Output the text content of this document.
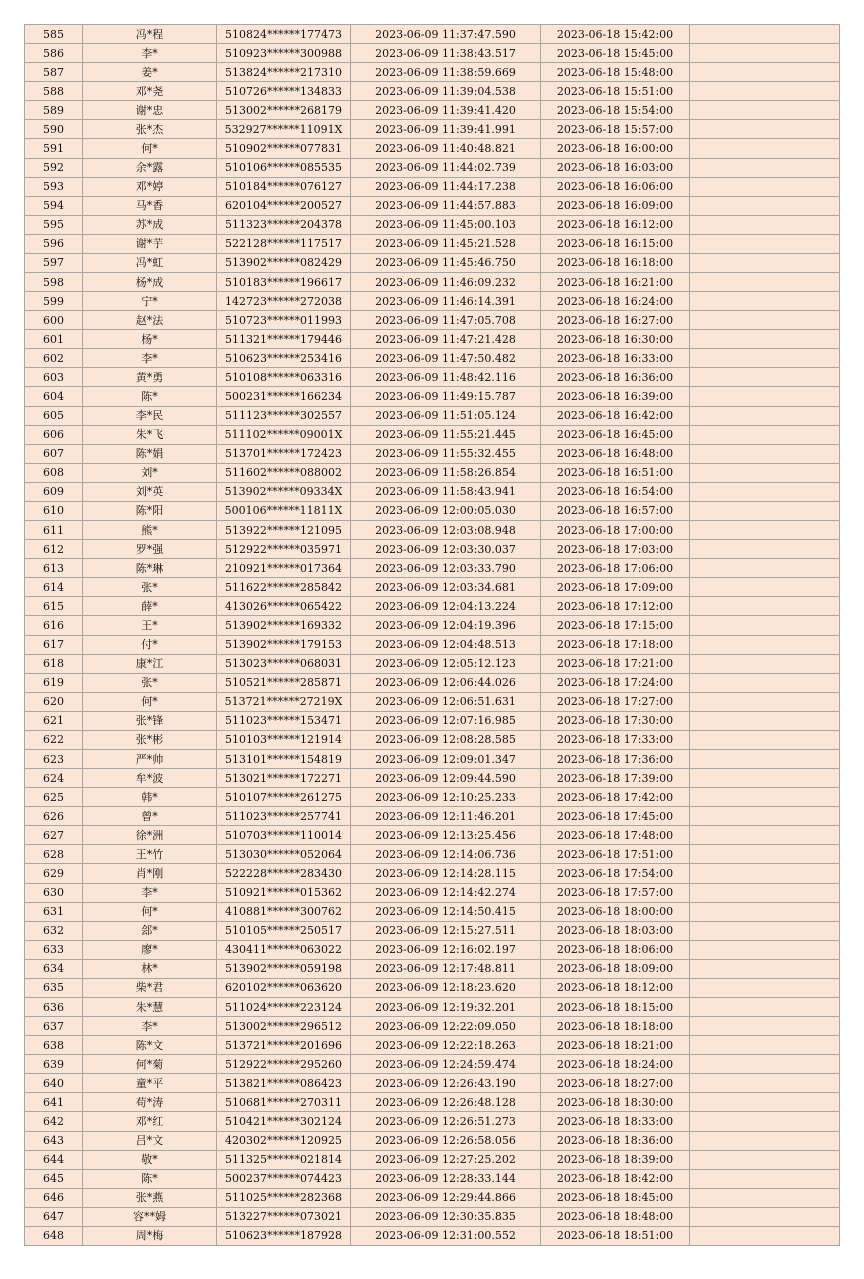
585	冯*程	510824******177473	2023-06-09 11:37:47.590	2023-06-18 15:42:00	
586	李*	510923******300988	2023-06-09 11:38:43.517	2023-06-18 15:45:00	
587	姜*	513824******217310	2023-06-09 11:38:59.669	2023-06-18 15:48:00	
588	邓*尧	510726******134833	2023-06-09 11:39:04.538	2023-06-18 15:51:00	
589	谢*忠	513002******268179	2023-06-09 11:39:41.420	2023-06-18 15:54:00	
590	张*杰	532927******11091X	2023-06-09 11:39:41.991	2023-06-18 15:57:00	
591	何*	510902******077831	2023-06-09 11:40:48.821	2023-06-18 16:00:00	
592	余*露	510106******085535	2023-06-09 11:44:02.739	2023-06-18 16:03:00	
593	邓*婷	510184******076127	2023-06-09 11:44:17.238	2023-06-18 16:06:00	
594	马*香	620104******200527	2023-06-09 11:44:57.883	2023-06-18 16:09:00	
595	苏*成	511323******204378	2023-06-09 11:45:00.103	2023-06-18 16:12:00	
596	谢*芋	522128******117517	2023-06-09 11:45:21.528	2023-06-18 16:15:00	
597	冯*虹	513902******082429	2023-06-09 11:45:46.750	2023-06-18 16:18:00	
598	杨*成	510183******196617	2023-06-09 11:46:09.232	2023-06-18 16:21:00	
599	宁*	142723******272038	2023-06-09 11:46:14.391	2023-06-18 16:24:00	
600	赵*法	510723******011993	2023-06-09 11:47:05.708	2023-06-18 16:27:00	
601	杨*	511321******179446	2023-06-09 11:47:21.428	2023-06-18 16:30:00	
602	李*	510623******253416	2023-06-09 11:47:50.482	2023-06-18 16:33:00	
603	黄*勇	510108******063316	2023-06-09 11:48:42.116	2023-06-18 16:36:00	
604	陈*	500231******166234	2023-06-09 11:49:15.787	2023-06-18 16:39:00	
605	李*民	511123******302557	2023-06-09 11:51:05.124	2023-06-18 16:42:00	
606	朱*飞	511102******09001X	2023-06-09 11:55:21.445	2023-06-18 16:45:00	
607	陈*娟	513701******172423	2023-06-09 11:55:32.455	2023-06-18 16:48:00	
608	刘*	511602******088002	2023-06-09 11:58:26.854	2023-06-18 16:51:00	
609	刘*英	513902******09334X	2023-06-09 11:58:43.941	2023-06-18 16:54:00	
610	陈*阳	500106******11811X	2023-06-09 12:00:05.030	2023-06-18 16:57:00	
611	熊*	513922******121095	2023-06-09 12:03:08.948	2023-06-18 17:00:00	
612	罗*强	512922******035971	2023-06-09 12:03:30.037	2023-06-18 17:03:00	
613	陈*琳	210921******017364	2023-06-09 12:03:33.790	2023-06-18 17:06:00	
614	张*	511622******285842	2023-06-09 12:03:34.681	2023-06-18 17:09:00	
615	薛*	413026******065422	2023-06-09 12:04:13.224	2023-06-18 17:12:00	
616	王*	513902******169332	2023-06-09 12:04:19.396	2023-06-18 17:15:00	
617	付*	513902******179153	2023-06-09 12:04:48.513	2023-06-18 17:18:00	
618	康*江	513023******068031	2023-06-09 12:05:12.123	2023-06-18 17:21:00	
619	张*	510521******285871	2023-06-09 12:06:44.026	2023-06-18 17:24:00	
620	何*	513721******27219X	2023-06-09 12:06:51.631	2023-06-18 17:27:00	
621	张*锋	511023******153471	2023-06-09 12:07:16.985	2023-06-18 17:30:00	
622	张*彬	510103******121914	2023-06-09 12:08:28.585	2023-06-18 17:33:00	
623	严*帅	513101******154819	2023-06-09 12:09:01.347	2023-06-18 17:36:00	
624	牟*波	513021******172271	2023-06-09 12:09:44.590	2023-06-18 17:39:00	
625	韩*	510107******261275	2023-06-09 12:10:25.233	2023-06-18 17:42:00	
626	曾*	511023******257741	2023-06-09 12:11:46.201	2023-06-18 17:45:00	
627	徐*洲	510703******110014	2023-06-09 12:13:25.456	2023-06-18 17:48:00	
628	王*竹	513030******052064	2023-06-09 12:14:06.736	2023-06-18 17:51:00	
629	肖*刚	522228******283430	2023-06-09 12:14:28.115	2023-06-18 17:54:00	
630	李*	510921******015362	2023-06-09 12:14:42.274	2023-06-18 17:57:00	
631	何*	410881******300762	2023-06-09 12:14:50.415	2023-06-18 18:00:00	
632	郐*	510105******250517	2023-06-09 12:15:27.511	2023-06-18 18:03:00	
633	廖*	430411******063022	2023-06-09 12:16:02.197	2023-06-18 18:06:00	
634	林*	513902******059198	2023-06-09 12:17:48.811	2023-06-18 18:09:00	
635	柴*君	620102******063620	2023-06-09 12:18:23.620	2023-06-18 18:12:00	
636	朱*慧	511024******223124	2023-06-09 12:19:32.201	2023-06-18 18:15:00	
637	李*	513002******296512	2023-06-09 12:22:09.050	2023-06-18 18:18:00	
638	陈*文	513721******201696	2023-06-09 12:22:18.263	2023-06-18 18:21:00	
639	何*菊	512922******295260	2023-06-09 12:24:59.474	2023-06-18 18:24:00	
640	童*平	513821******086423	2023-06-09 12:26:43.190	2023-06-18 18:27:00	
641	苟*涛	510681******270311	2023-06-09 12:26:48.128	2023-06-18 18:30:00	
642	邓*红	510421******302124	2023-06-09 12:26:51.273	2023-06-18 18:33:00	
643	吕*文	420302******120925	2023-06-09 12:26:58.056	2023-06-18 18:36:00	
644	敬*	511325******021814	2023-06-09 12:27:25.202	2023-06-18 18:39:00	
645	陈*	500237******074423	2023-06-09 12:28:33.144	2023-06-18 18:42:00	
646	张*燕	511025******282368	2023-06-09 12:29:44.866	2023-06-18 18:45:00	
647	容**姆	513227******073021	2023-06-09 12:30:35.835	2023-06-18 18:48:00	
648	周*梅	510623******187928	2023-06-09 12:31:00.552	2023-06-18 18:51:00	
